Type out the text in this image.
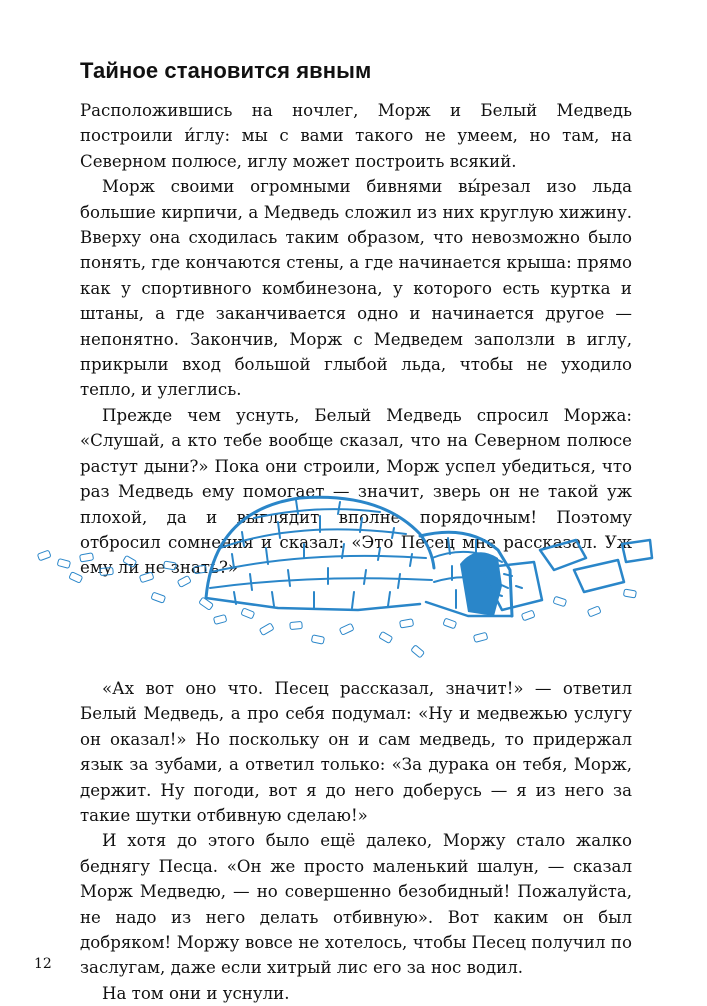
Тайное становится явным

Расположившись на ночлег, Морж и Белый Медведь построили и́глу: мы с вами такого не умеем, но там, на Северном полюсе, иглу может построить всякий.

Морж своими огромными бивнями вы́резал изо льда большие кирпичи, а Медведь сложил из них круглую хижину. Вверху она сходилась таким образом, что невозможно было понять, где кончаются стены, а где начинается крыша: прямо как у спортивного комбинезона, у которого есть куртка и штаны, а где заканчивается одно и начинается другое — непонятно. Закончив, Морж с Медведем заползли в иглу, прикрыли вход большой глыбой льда, чтобы не уходило тепло, и улеглись.

Прежде чем уснуть, Белый Медведь спросил Моржа: «Слушай, а кто тебе вообще сказал, что на Северном полюсе растут дыни?» Пока они строили, Морж успел убедиться, что раз Медведь ему помогает — значит, зверь он не такой уж плохой, да и выглядит вполне порядочным! Поэтому отбросил сомнения и сказал: «Это Песец мне рассказал. Уж ему ли не знать?»

«Ах вот оно что. Песец рассказал, значит!» — ответил Белый Медведь, а про себя подумал: «Ну и медвежью услугу он оказал!» Но поскольку он и сам медведь, то придержал язык за зубами, а ответил только: «За дурака он тебя, Морж, держит. Ну погоди, вот я до него доберусь — я из него за такие шутки отбивную сделаю!»

И хотя до этого было ещё далеко, Моржу стало жалко беднягу Песца. «Он же просто маленький шалун, — сказал Морж Медведю, — но совершенно безобидный! Пожалуйста, не надо из него делать отбивную». Вот каким он был добряком! Моржу вовсе не хотелось, чтобы Песец получил по заслугам, даже если хитрый лис его за нос водил.

На том они и уснули.

12
